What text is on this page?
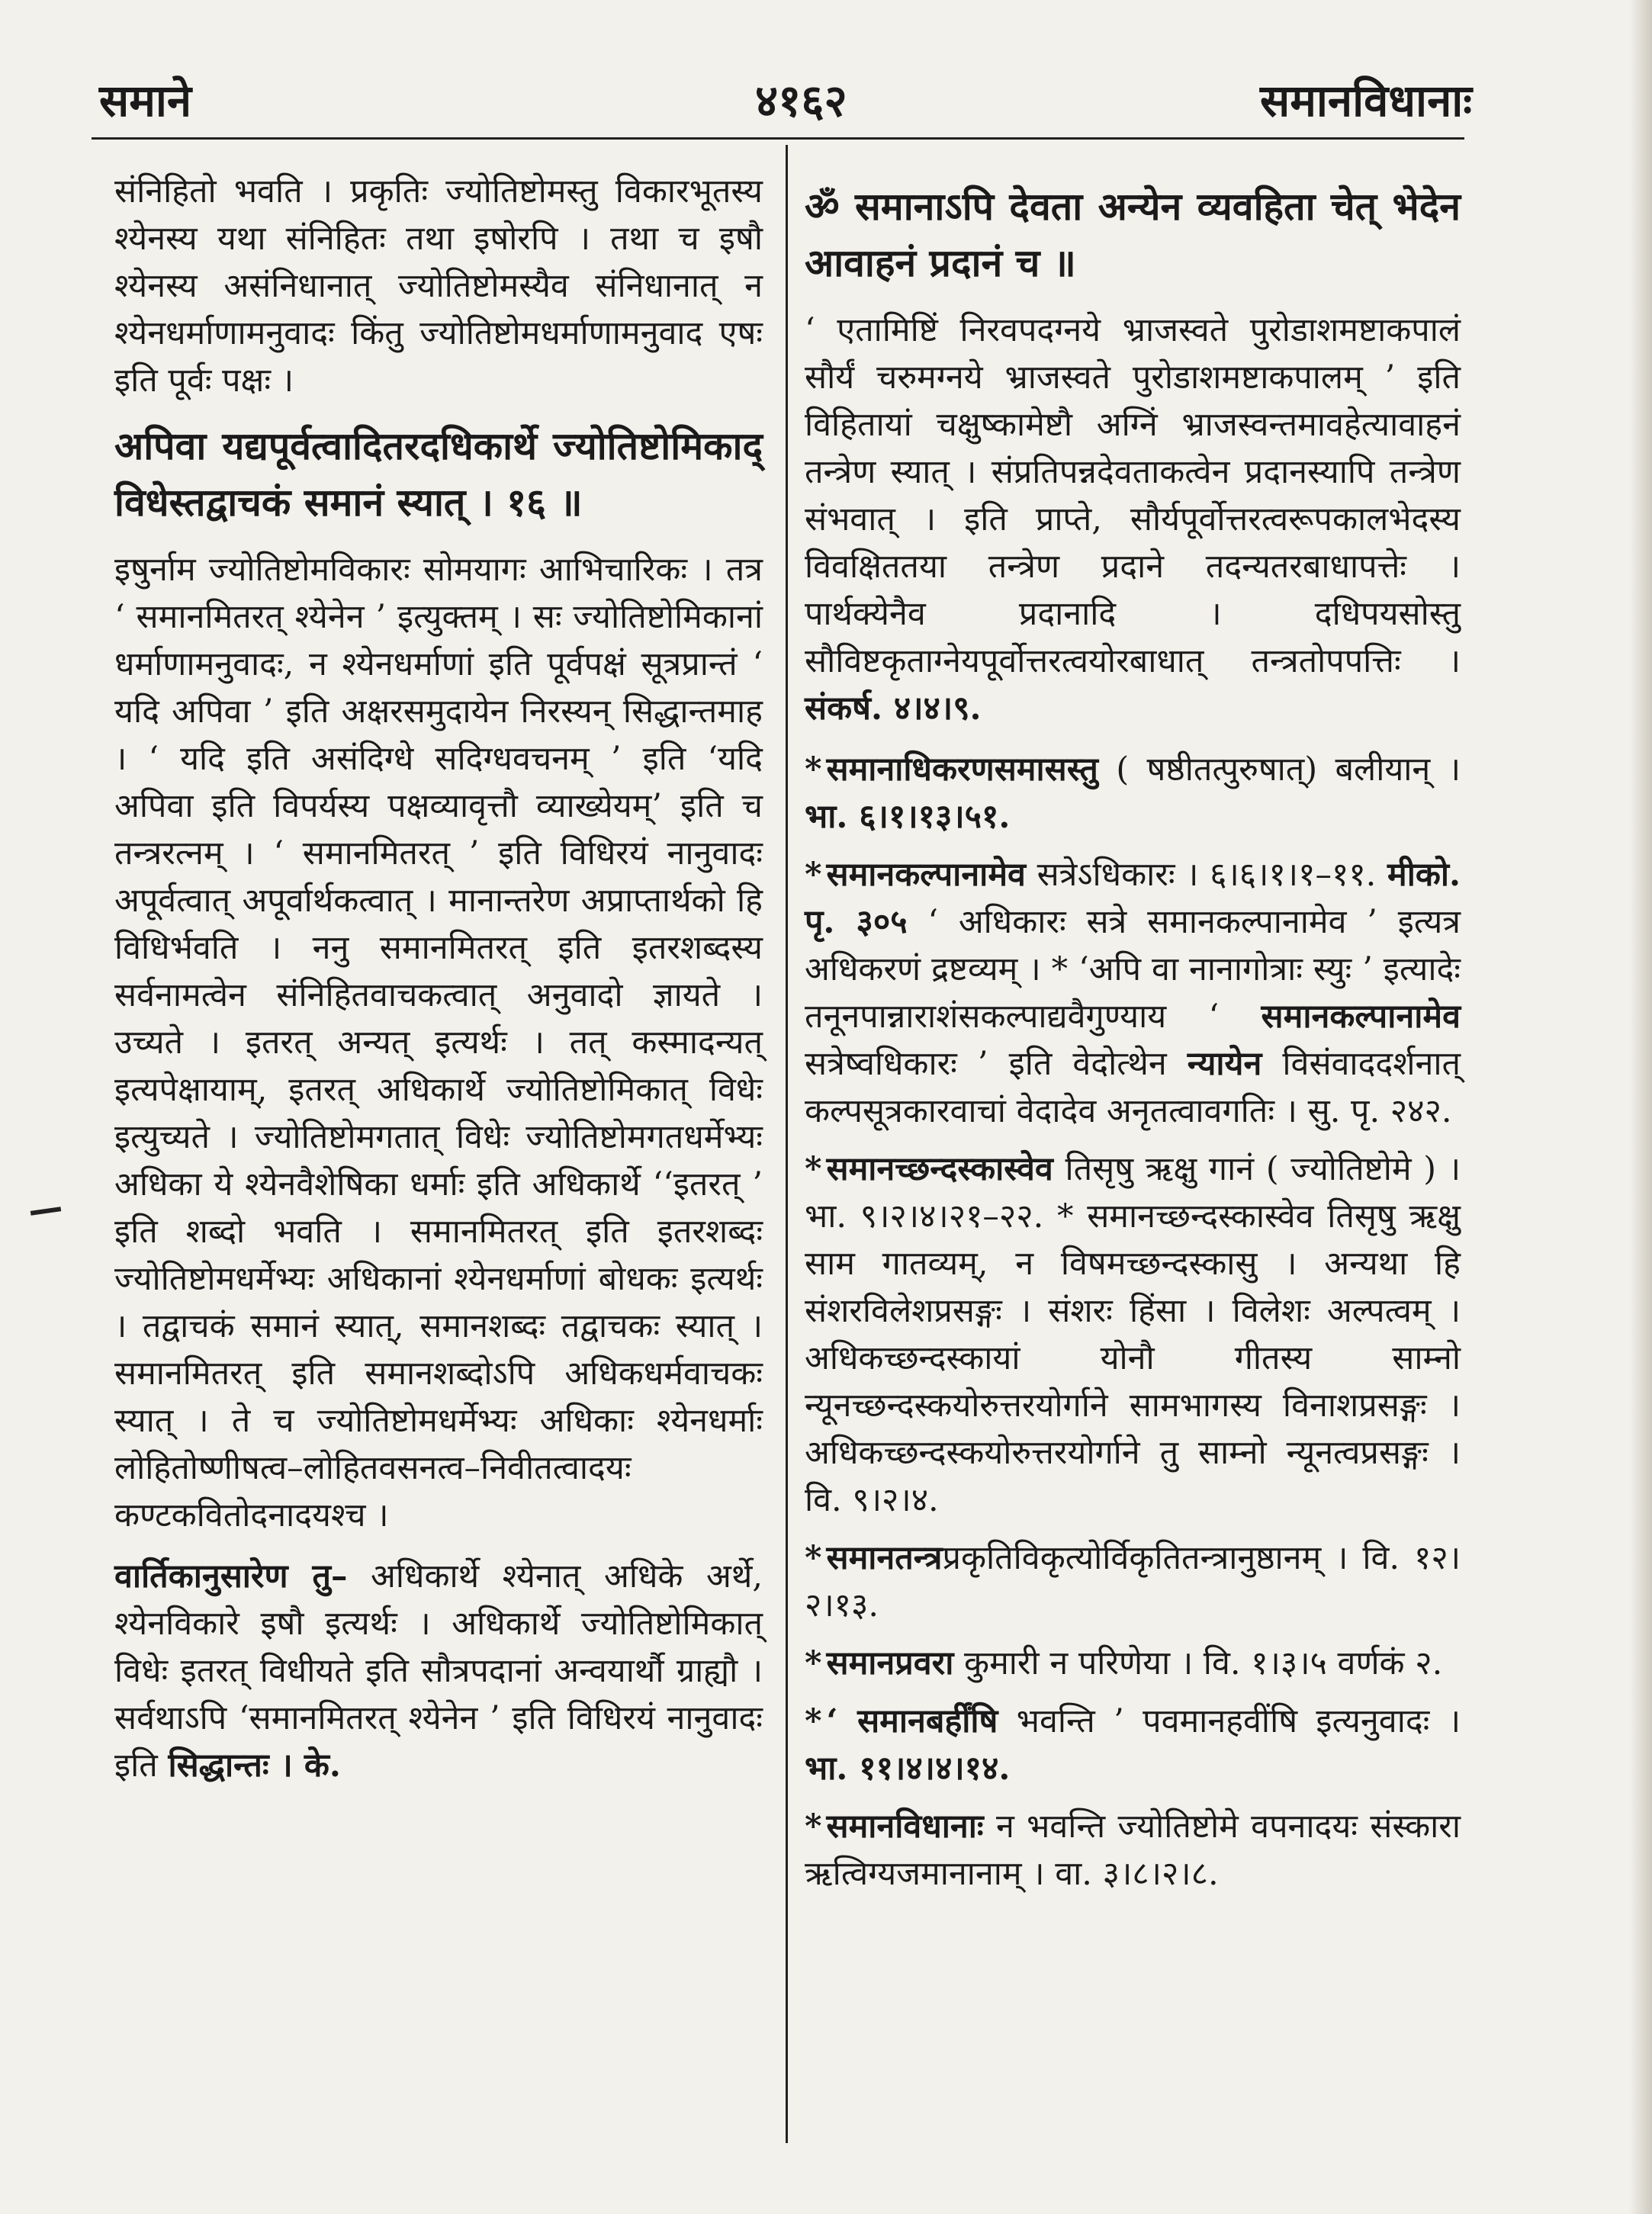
समाने	४१६२	समानविधानाः

संनिहितो भवति । प्रकृतिः ज्योतिष्टोमस्तु विकारभूतस्य श्येनस्य यथा संनिहितः तथा इषोरपि । तथा च इषौ श्येनस्य असंनिधानात् ज्योतिष्टोमस्यैव संनिधानात् न श्येनधर्माणामनुवादः किंतु ज्योतिष्टोमधर्माणामनुवाद एषः इति पूर्वः पक्षः ।

अपिवा यद्यपूर्वत्वादितरदधिकार्थे ज्योतिष्टोमिकाद् विधेस्तद्वाचकं समानं स्यात् । १६ ॥

इषुर्नाम ज्योतिष्टोमविकारः सोमयागः आभिचारिकः । तत्र ‘ समानमितरत् श्येनेन ’ इत्युक्तम् । सः ज्योतिष्टोमिकानां धर्माणामनुवादः, न श्येनधर्माणां इति पूर्वपक्षं सूत्रप्रान्तं ‘ यदि अपिवा ’ इति अक्षरसमुदायेन निरस्यन् सिद्धान्तमाह । ‘ यदि इति असंदिग्धे सदिग्धवचनम् ’ इति ‘यदि अपिवा इति विपर्यस्य पक्षव्यावृत्तौ व्याख्येयम्’ इति च तन्त्ररत्नम् । ‘ समानमितरत् ’ इति विधिरयं नानुवादः अपूर्वत्वात् अपूर्वार्थकत्वात् । मानान्तरेण अप्राप्तार्थको हि विधिर्भवति । ननु समानमितरत् इति इतरशब्दस्य सर्वनामत्वेन संनिहितवाचकत्वात् अनुवादो ज्ञायते । उच्यते । इतरत् अन्यत् इत्यर्थः । तत् कस्मादन्यत् इत्यपेक्षायाम्, इतरत् अधिकार्थे ज्योतिष्टोमिकात् विधेः इत्युच्यते । ज्योतिष्टोमगतात् विधेः ज्योतिष्टोमगतधर्मेभ्यः अधिका ये श्येनवैशेषिका धर्माः इति अधिकार्थे ‘‘इतरत् ’ इति शब्दो भवति । समानमितरत् इति इतरशब्दः ज्योतिष्टोमधर्मेभ्यः अधिकानां श्येनधर्माणां बोधकः इत्यर्थः । तद्वाचकं समानं स्यात्, समानशब्दः तद्वाचकः स्यात् । समानमितरत् इति समानशब्दोऽपि अधिकधर्मवाचकः स्यात् । ते च ज्योतिष्टोमधर्मेभ्यः अधिकाः श्येनधर्माः लोहितोष्णीषत्व–लोहितवसनत्व–निवीतत्वादयः कण्टकवितोदनादयश्च ।

वार्तिकानुसारेण तु– अधिकार्थे श्येनात् अधिके अर्थे, श्येनविकारे इषौ इत्यर्थः । अधिकार्थे ज्योतिष्टोमिकात् विधेः इतरत् विधीयते इति सौत्रपदानां अन्वयार्थौ ग्राह्यौ । सर्वथाऽपि ‘समानमितरत् श्येनेन ’ इति विधिरयं नानुवादः इति सिद्धान्तः । के.

ॐ समानाऽपि देवता अन्येन व्यवहिता चेत् भेदेन आवाहनं प्रदानं च ॥

‘ एतामिष्टिं निरवपदग्नये भ्राजस्वते पुरोडाशमष्टाकपालं सौर्यं चरुमग्नये भ्राजस्वते पुरोडाशमष्टाकपालम् ’ इति विहितायां चक्षुष्कामेष्टौ अग्निं भ्राजस्वन्तमावहेत्यावाहनं तन्त्रेण स्यात् । संप्रतिपन्नदेवताकत्वेन प्रदानस्यापि तन्त्रेण संभवात् । इति प्राप्ते, सौर्यपूर्वोत्तरत्वरूपकालभेदस्य विवक्षिततया तन्त्रेण प्रदाने तदन्यतरबाधापत्तेः । पार्थक्येनैव प्रदानादि । दधिपयसोस्तु सौविष्टकृताग्नेयपूर्वोत्तरत्वयोरबाधात् तन्त्रतोपपत्तिः । संकर्ष. ४।४।९.

* समानाधिकरणसमासस्तु ( षष्ठीतत्पुरुषात्) बलीयान् । भा. ६।१।१३।५१.

* समानकल्पानामेव सत्रेऽधिकारः । ६।६।१।१–११. मीको. पृ. ३०५ ‘ अधिकारः सत्रे समानकल्पानामेव ’ इत्यत्र अधिकरणं द्रष्टव्यम् । * ‘अपि वा नानागोत्राः स्युः ’ इत्यादेः तनूनपान्नाराशंसकल्पाद्यवैगुण्याय ‘ समानकल्पानामेव सत्रेष्वधिकारः ’ इति वेदोत्थेन न्यायेन विसंवाददर्शनात् कल्पसूत्रकारवाचां वेदादेव अनृतत्वावगतिः । सु. पृ. २४२.

* समानच्छन्दस्कास्वेव तिसृषु ऋक्षु गानं ( ज्योतिष्टोमे ) । भा. ९।२।४।२१–२२. * समानच्छन्दस्कास्वेव तिसृषु ऋक्षु साम गातव्यम्, न विषमच्छन्दस्कासु । अन्यथा हि संशरविलेशप्रसङ्गः । संशरः हिंसा । विलेशः अल्पत्वम् । अधिकच्छन्दस्कायां योनौ गीतस्य साम्नो न्यूनच्छन्दस्कयोरुत्तरयोर्गाने सामभागस्य विनाशप्रसङ्गः । अधिकच्छन्दस्कयोरुत्तरयोर्गाने तु साम्नो न्यूनत्वप्रसङ्गः । वि. ९।२।४.

* समानतन्त्रप्रकृतिविकृत्योर्विकृतितन्त्रानुष्ठानम् । वि. १२।२।१३.

* समानप्रवरा कुमारी न परिणेया । वि. १।३।५ वर्णकं २.

* ‘ समानबर्हींषि भवन्ति ’ पवमानहवींषि इत्यनुवादः । भा. ११।४।४।१४.

* समानविधानाः न भवन्ति ज्योतिष्टोमे वपनादयः संस्कारा ऋत्विग्यजमानानाम् । वा. ३।८।२।८.
